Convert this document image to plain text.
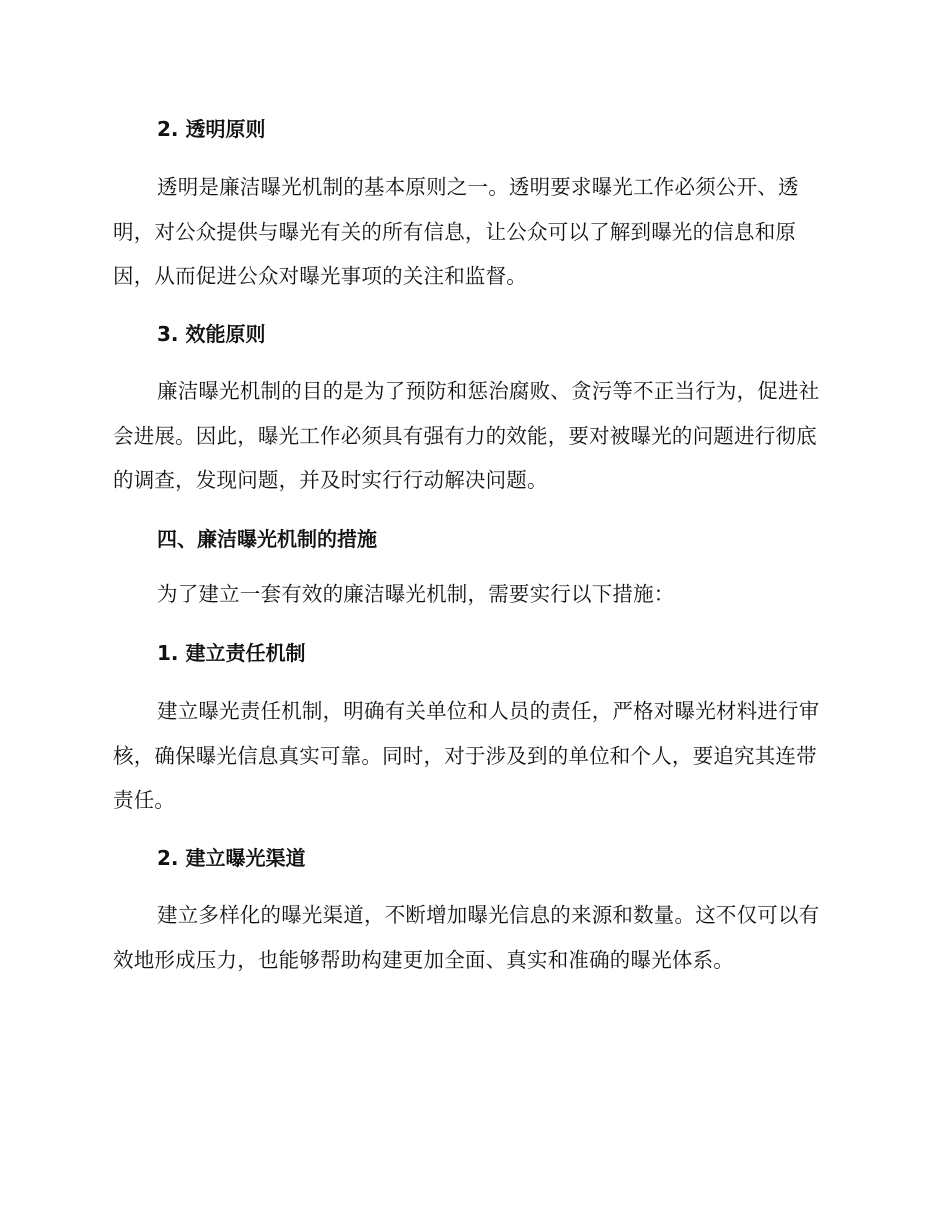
2. 透明原则
透明是廉洁曝光机制的基本原则之一。透明要求曝光工作必须公开、透明，对公众提供与曝光有关的所有信息，让公众可以了解到曝光的信息和原因，从而促进公众对曝光事项的关注和监督。
3. 效能原则
廉洁曝光机制的目的是为了预防和惩治腐败、贪污等不正当行为，促进社会进展。因此，曝光工作必须具有强有力的效能，要对被曝光的问题进行彻底的调查，发现问题，并及时实行行动解决问题。
四、廉洁曝光机制的措施
为了建立一套有效的廉洁曝光机制，需要实行以下措施：
1. 建立责任机制
建立曝光责任机制，明确有关单位和人员的责任，严格对曝光材料进行审核，确保曝光信息真实可靠。同时，对于涉及到的单位和个人，要追究其连带责任。
2. 建立曝光渠道
建立多样化的曝光渠道，不断增加曝光信息的来源和数量。这不仅可以有效地形成压力，也能够帮助构建更加全面、真实和准确的曝光体系。
